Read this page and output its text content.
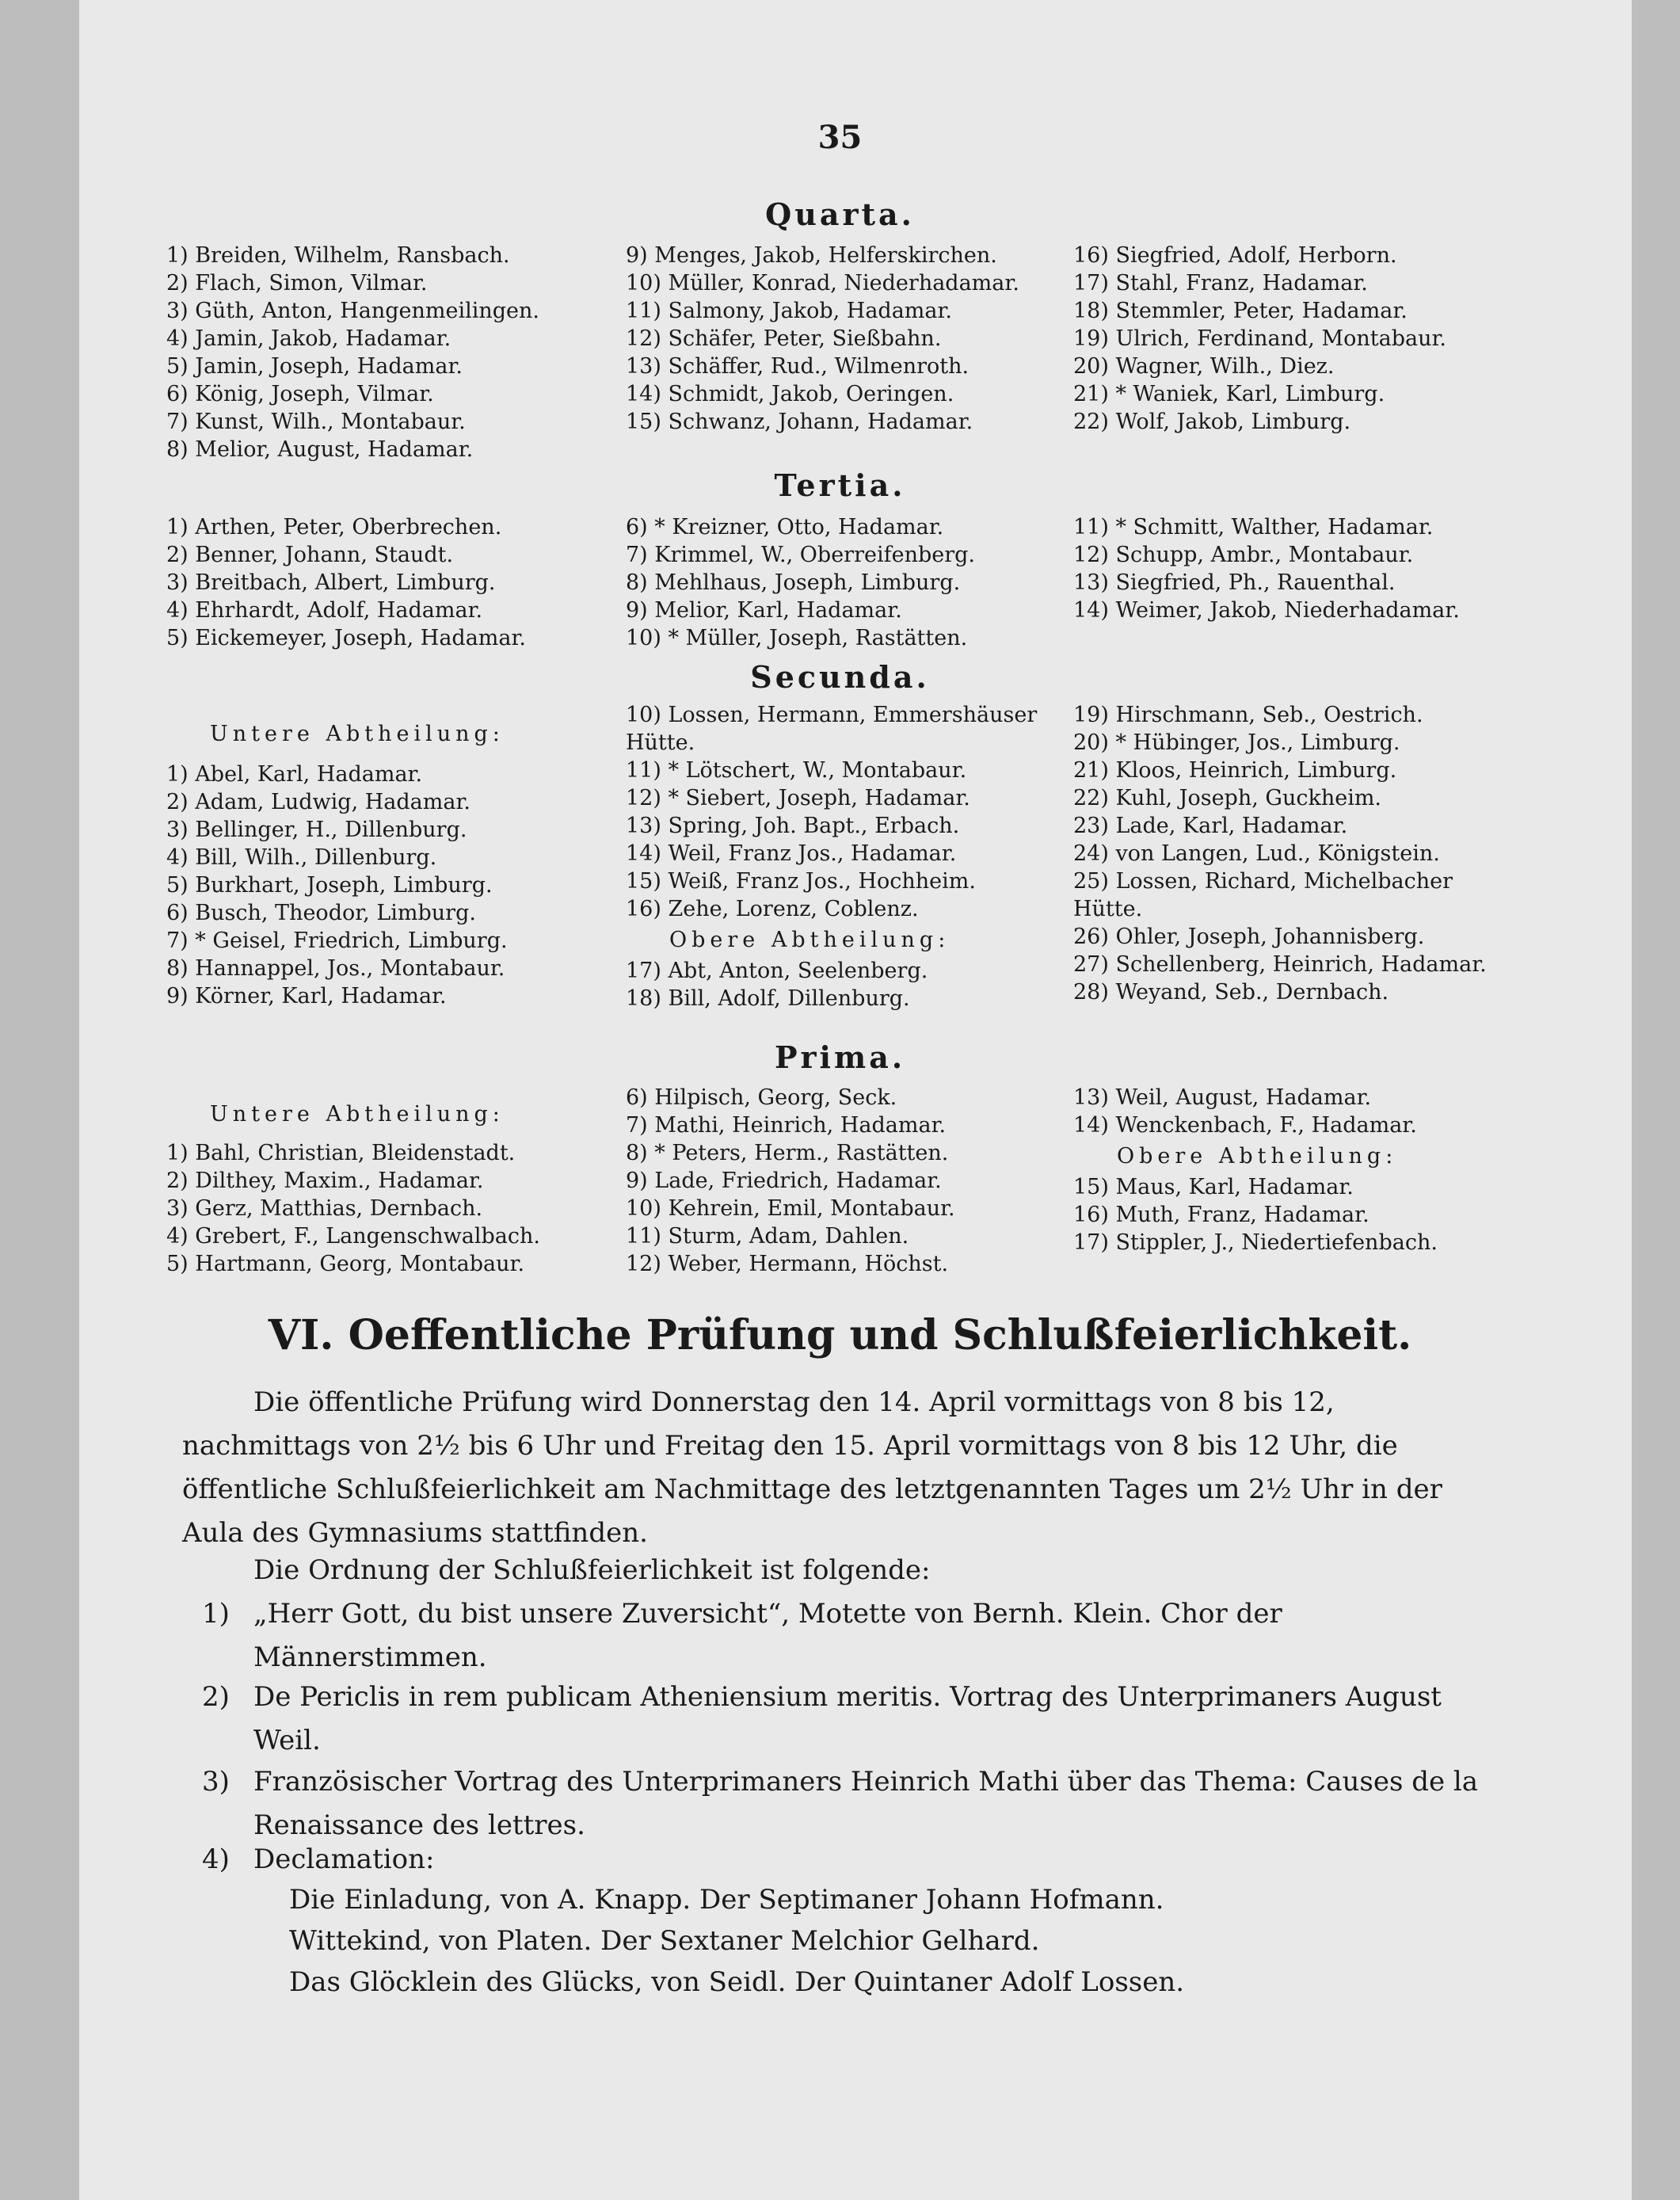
35
Quarta.
1) Breiden, Wilhelm, Ransbach.
2) Flach, Simon, Vilmar.
3) Güth, Anton, Hangenmeilingen.
4) Jamin, Jakob, Hadamar.
5) Jamin, Joseph, Hadamar.
6) König, Joseph, Vilmar.
7) Kunst, Wilh., Montabaur.
8) Melior, August, Hadamar.
9) Menges, Jakob, Helferskirchen.
10) Müller, Konrad, Niederhadamar.
11) Salmony, Jakob, Hadamar.
12) Schäfer, Peter, Sießbahn.
13) Schäffer, Rud., Wilmenroth.
14) Schmidt, Jakob, Oeringen.
15) Schwanz, Johann, Hadamar.
16) Siegfried, Adolf, Herborn.
17) Stahl, Franz, Hadamar.
18) Stemmler, Peter, Hadamar.
19) Ulrich, Ferdinand, Montabaur.
20) Wagner, Wilh., Diez.
21) * Waniek, Karl, Limburg.
22) Wolf, Jakob, Limburg.
Tertia.
1) Arthen, Peter, Oberbrechen.
2) Benner, Johann, Staudt.
3) Breitbach, Albert, Limburg.
4) Ehrhardt, Adolf, Hadamar.
5) Eickemeyer, Joseph, Hadamar.
6) * Kreizner, Otto, Hadamar.
7) Krimmel, W., Oberreifenberg.
8) Mehlhaus, Joseph, Limburg.
9) Melior, Karl, Hadamar.
10) * Müller, Joseph, Rastätten.
11) * Schmitt, Walther, Hadamar.
12) Schupp, Ambr., Montabaur.
13) Siegfried, Ph., Rauenthal.
14) Weimer, Jakob, Niederhadamar.
Secunda.
Untere Abtheilung:
1) Abel, Karl, Hadamar.
2) Adam, Ludwig, Hadamar.
3) Bellinger, H., Dillenburg.
4) Bill, Wilh., Dillenburg.
5) Burkhart, Joseph, Limburg.
6) Busch, Theodor, Limburg.
7) * Geisel, Friedrich, Limburg.
8) Hannappel, Jos., Montabaur.
9) Körner, Karl, Hadamar.
10) Lossen, Hermann, Emmershäuser Hütte.
11) * Lötschert, W., Montabaur.
12) * Siebert, Joseph, Hadamar.
13) Spring, Joh. Bapt., Erbach.
14) Weil, Franz Jos., Hadamar.
15) Weiß, Franz Jos., Hochheim.
16) Zehe, Lorenz, Coblenz.
Obere Abtheilung:
17) Abt, Anton, Seelenberg.
18) Bill, Adolf, Dillenburg.
19) Hirschmann, Seb., Oestrich.
20) * Hübinger, Jos., Limburg.
21) Kloos, Heinrich, Limburg.
22) Kuhl, Joseph, Guckheim.
23) Lade, Karl, Hadamar.
24) von Langen, Lud., Königstein.
25) Lossen, Richard, Michelbacher Hütte.
26) Ohler, Joseph, Johannisberg.
27) Schellenberg, Heinrich, Hadamar.
28) Weyand, Seb., Dernbach.
Prima.
Untere Abtheilung:
1) Bahl, Christian, Bleidenstadt.
2) Dilthey, Maxim., Hadamar.
3) Gerz, Matthias, Dernbach.
4) Grebert, F., Langenschwalbach.
5) Hartmann, Georg, Montabaur.
6) Hilpisch, Georg, Seck.
7) Mathi, Heinrich, Hadamar.
8) * Peters, Herm., Rastätten.
9) Lade, Friedrich, Hadamar.
10) Kehrein, Emil, Montabaur.
11) Sturm, Adam, Dahlen.
12) Weber, Hermann, Höchst.
13) Weil, August, Hadamar.
14) Wenckenbach, F., Hadamar.
Obere Abtheilung:
15) Maus, Karl, Hadamar.
16) Muth, Franz, Hadamar.
17) Stippler, J., Niedertiefenbach.
VI. Oeffentliche Prüfung und Schlußfeierlichkeit.
Die öffentliche Prüfung wird Donnerstag den 14. April vormittags von 8 bis 12, nachmittags von 2½ bis 6 Uhr und Freitag den 15. April vormittags von 8 bis 12 Uhr, die öffentliche Schlußfeierlichkeit am Nachmittage des letztgenannten Tages um 2½ Uhr in der Aula des Gymnasiums stattfinden.
Die Ordnung der Schlußfeierlichkeit ist folgende:
1) „Herr Gott, du bist unsere Zuversicht“, Motette von Bernh. Klein. Chor der Männerstimmen.
2) De Periclis in rem publicam Atheniensium meritis. Vortrag des Unterprimaners August Weil.
3) Französischer Vortrag des Unterprimaners Heinrich Mathi über das Thema: Causes de la Renaissance des lettres.
4) Declamation:
Die Einladung, von A. Knapp. Der Septimaner Johann Hofmann.
Wittekind, von Platen. Der Sextaner Melchior Gelhard.
Das Glöcklein des Glücks, von Seidl. Der Quintaner Adolf Lossen.
